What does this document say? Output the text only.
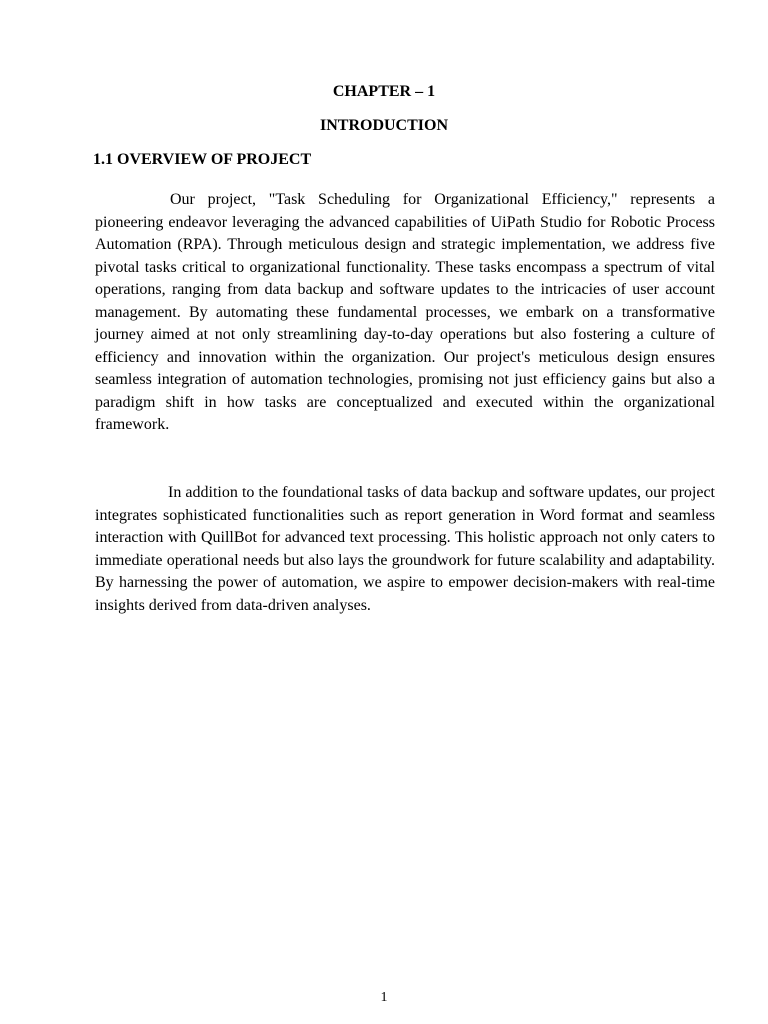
CHAPTER – 1
INTRODUCTION
1.1 OVERVIEW OF PROJECT

Our project, "Task Scheduling for Organizational Efficiency," represents a pioneering endeavor leveraging the advanced capabilities of UiPath Studio for Robotic Process Automation (RPA). Through meticulous design and strategic implementation, we address five pivotal tasks critical to organizational functionality. These tasks encompass a spectrum of vital operations, ranging from data backup and software updates to the intricacies of user account management. By automating these fundamental processes, we embark on a transformative journey aimed at not only streamlining day-to-day operations but also fostering a culture of efficiency and innovation within the organization. Our project's meticulous design ensures seamless integration of automation technologies, promising not just efficiency gains but also a paradigm shift in how tasks are conceptualized and executed within the organizational framework.

In addition to the foundational tasks of data backup and software updates, our project integrates sophisticated functionalities such as report generation in Word format and seamless interaction with QuillBot for advanced text processing. This holistic approach not only caters to immediate operational needs but also lays the groundwork for future scalability and adaptability. By harnessing the power of automation, we aspire to empower decision-makers with real-time insights derived from data-driven analyses.

1
